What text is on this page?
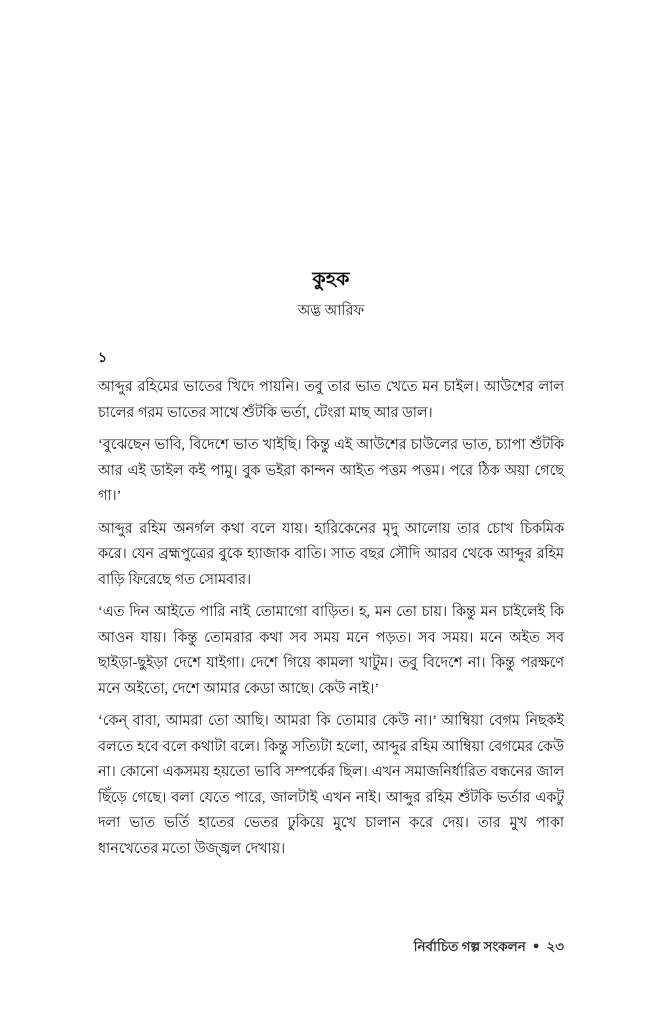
কুহক
অদ্ভ আরিফ
১

আব্দুর রহিমের ভাতের খিদে পায়নি। তবু তার ভাত খেতে মন চাইল। আউশের লাল চালের গরম ভাতের সাথে শুঁটকি ভর্তা, টেংরা মাছ আর ডাল।

‘বুঝেছেন ভাবি, বিদেশে ভাত খাইছি। কিন্তু এই আউশের চাউলের ভাত, চ্যাপা শুঁটকি আর এই ডাইল কই পামু। বুক ভইরা কান্দন আইত পত্তম পত্তম। পরে ঠিক অয়া গেছে গা।’

আব্দুর রহিম অনর্গল কথা বলে যায়। হারিকেনের মৃদু আলোয় তার চোখ চিকমিক করে। যেন ব্রহ্মপুত্রের বুকে হ্যাজাক বাতি। সাত বছর সৌদি আরব থেকে আব্দুর রহিম বাড়ি ফিরেছে গত সোমবার।

‘এত দিন আইতে পারি নাই তোমাগো বাড়িত। হ, মন তো চায়। কিন্তু মন চাইলেই কি আওন যায়। কিন্তু তোমরার কথা সব সময় মনে পড়ত। সব সময়। মনে অইত সব ছাইড়া-ছুইড়া দেশে যাইগা। দেশে গিয়ে কামলা খাটুম। তবু বিদেশে না। কিন্তু পরক্ষণে মনে অইতো, দেশে আমার কেডা আছে। কেউ নাই।’

‘কেন্ বাবা, আমরা তো আছি। আমরা কি তোমার কেউ না।’ আম্বিয়া বেগম নিছকই বলতে হবে বলে কথাটা বলে। কিন্তু সত্যিটা হলো, আব্দুর রহিম আম্বিয়া বেগমের কেউ না। কোনো একসময় হয়তো ভাবি সম্পর্কের ছিল। এখন সমাজনির্ধারিত বন্ধনের জাল ছিঁড়ে গেছে। বলা যেতে পারে, জালটাই এখন নাই। আব্দুর রহিম শুঁটকি ভর্তার একটু দলা ভাত ভর্তি হাতের ভেতর ঢুকিয়ে মুখে চালান করে দেয়। তার মুখ পাকা ধানখেতের মতো উজ্জ্বল দেখায়।

নির্বাচিত গল্প সংকলন ● ২৩
